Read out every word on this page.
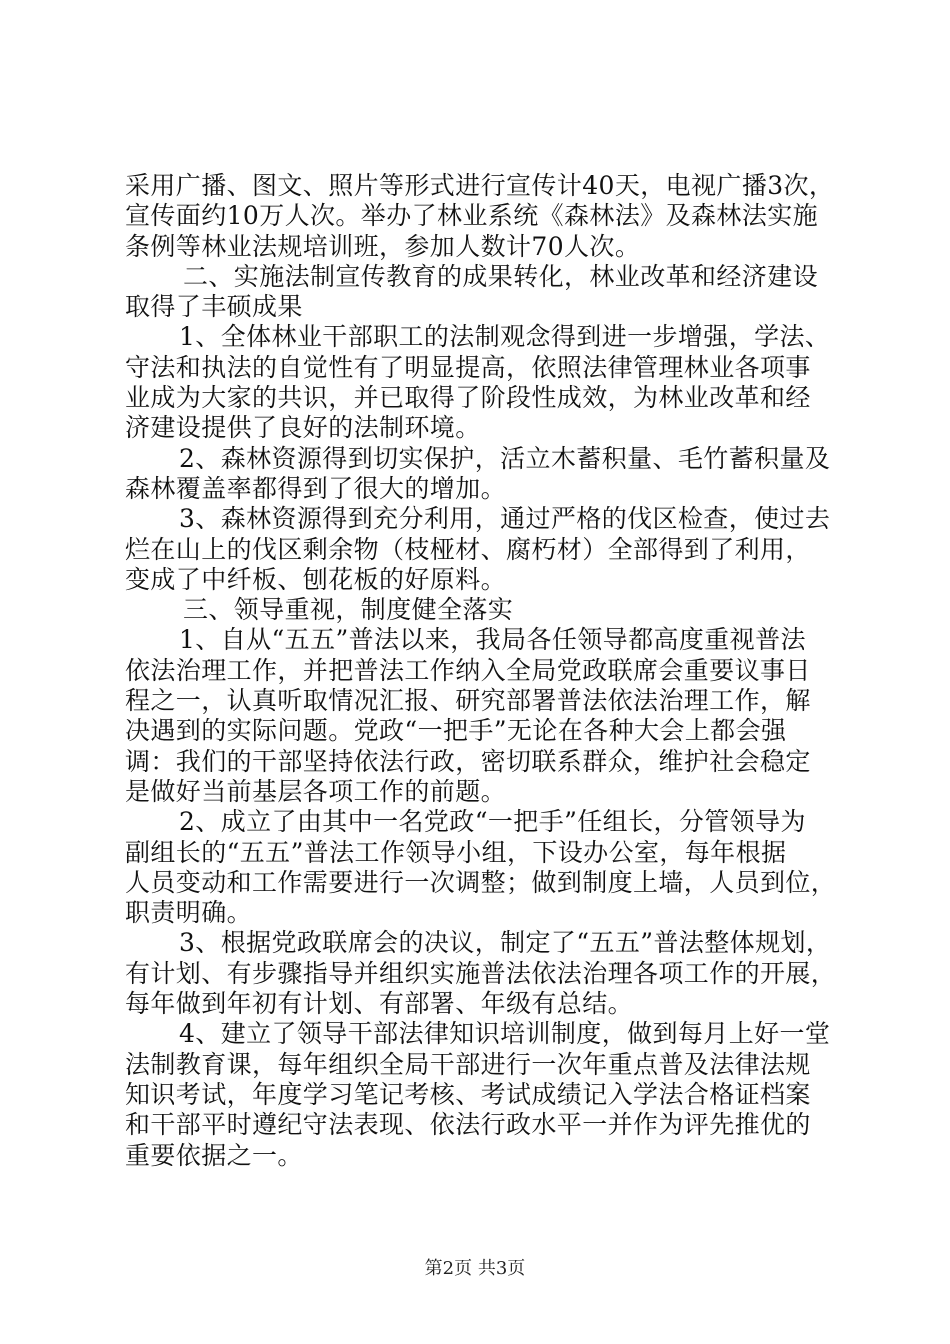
采用广播、图文、照片等形式进行宣传计40天，电视广播3次，
宣传面约10万人次。举办了林业系统《森林法》及森林法实施
条例等林业法规培训班，参加人数计70人次。

二、实施法制宣传教育的成果转化，林业改革和经济建设
取得了丰硕成果

1、全体林业干部职工的法制观念得到进一步增强，学法、
守法和执法的自觉性有了明显提高，依照法律管理林业各项事
业成为大家的共识，并已取得了阶段性成效，为林业改革和经
济建设提供了良好的法制环境。

2、森林资源得到切实保护，活立木蓄积量、毛竹蓄积量及
森林覆盖率都得到了很大的增加。

3、森林资源得到充分利用，通过严格的伐区检查，使过去
烂在山上的伐区剩余物（枝桠材、腐朽材）全部得到了利用，
变成了中纤板、刨花板的好原料。

三、领导重视，制度健全落实

1、自从“五五”普法以来，我局各任领导都高度重视普法
依法治理工作，并把普法工作纳入全局党政联席会重要议事日
程之一，认真听取情况汇报、研究部署普法依法治理工作，解
决遇到的实际问题。党政“一把手”无论在各种大会上都会强
调：我们的干部坚持依法行政，密切联系群众，维护社会稳定
是做好当前基层各项工作的前题。

2、成立了由其中一名党政“一把手”任组长，分管领导为
副组长的“五五”普法工作领导小组，下设办公室，每年根据
人员变动和工作需要进行一次调整；做到制度上墙，人员到位，
职责明确。

3、根据党政联席会的决议，制定了“五五”普法整体规划，
有计划、有步骤指导并组织实施普法依法治理各项工作的开展，
每年做到年初有计划、有部署、年级有总结。

4、建立了领导干部法律知识培训制度，做到每月上好一堂
法制教育课，每年组织全局干部进行一次年重点普及法律法规
知识考试，年度学习笔记考核、考试成绩记入学法合格证档案
和干部平时遵纪守法表现、依法行政水平一并作为评先推优的
重要依据之一。

第2页 共3页
